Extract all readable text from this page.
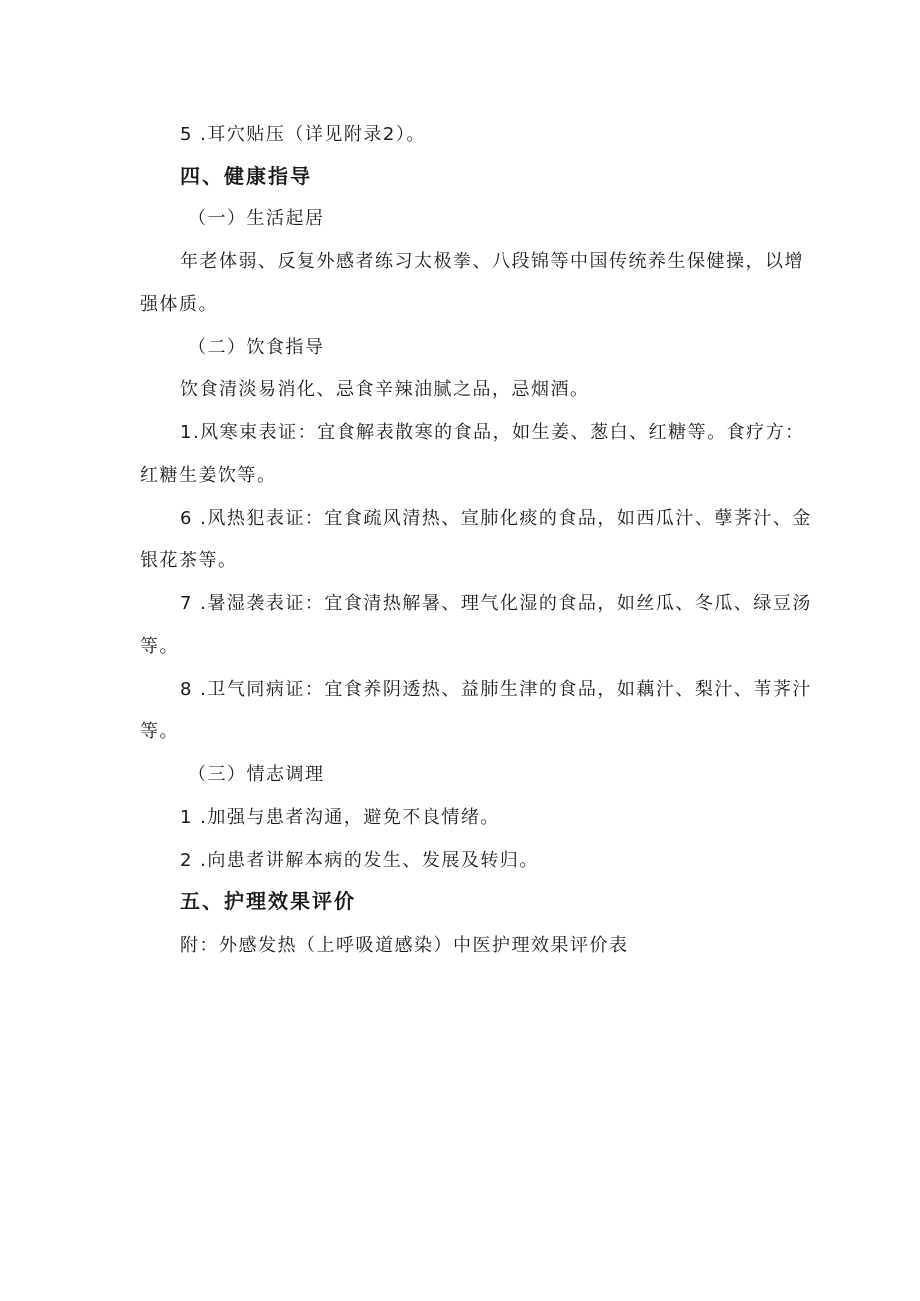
5 .耳穴贴压（详见附录2）。
四、健康指导
（一）生活起居
年老体弱、反复外感者练习太极拳、八段锦等中国传统养生保健操，以增
强体质。
（二）饮食指导
饮食清淡易消化、忌食辛辣油腻之品，忌烟酒。
1.风寒束表证：宜食解表散寒的食品，如生姜、葱白、红糖等。食疗方：
红糖生姜饮等。
6 .风热犯表证：宜食疏风清热、宣肺化痰的食品，如西瓜汁、孽荠汁、金
银花茶等。
7 .暑湿袭表证：宜食清热解暑、理气化湿的食品，如丝瓜、冬瓜、绿豆汤
等。
8 .卫气同病证：宜食养阴透热、益肺生津的食品，如藕汁、梨汁、苇荠汁
等。
（三）情志调理
1 .加强与患者沟通，避免不良情绪。
2 .向患者讲解本病的发生、发展及转归。
五、护理效果评价
附：外感发热（上呼吸道感染）中医护理效果评价表
